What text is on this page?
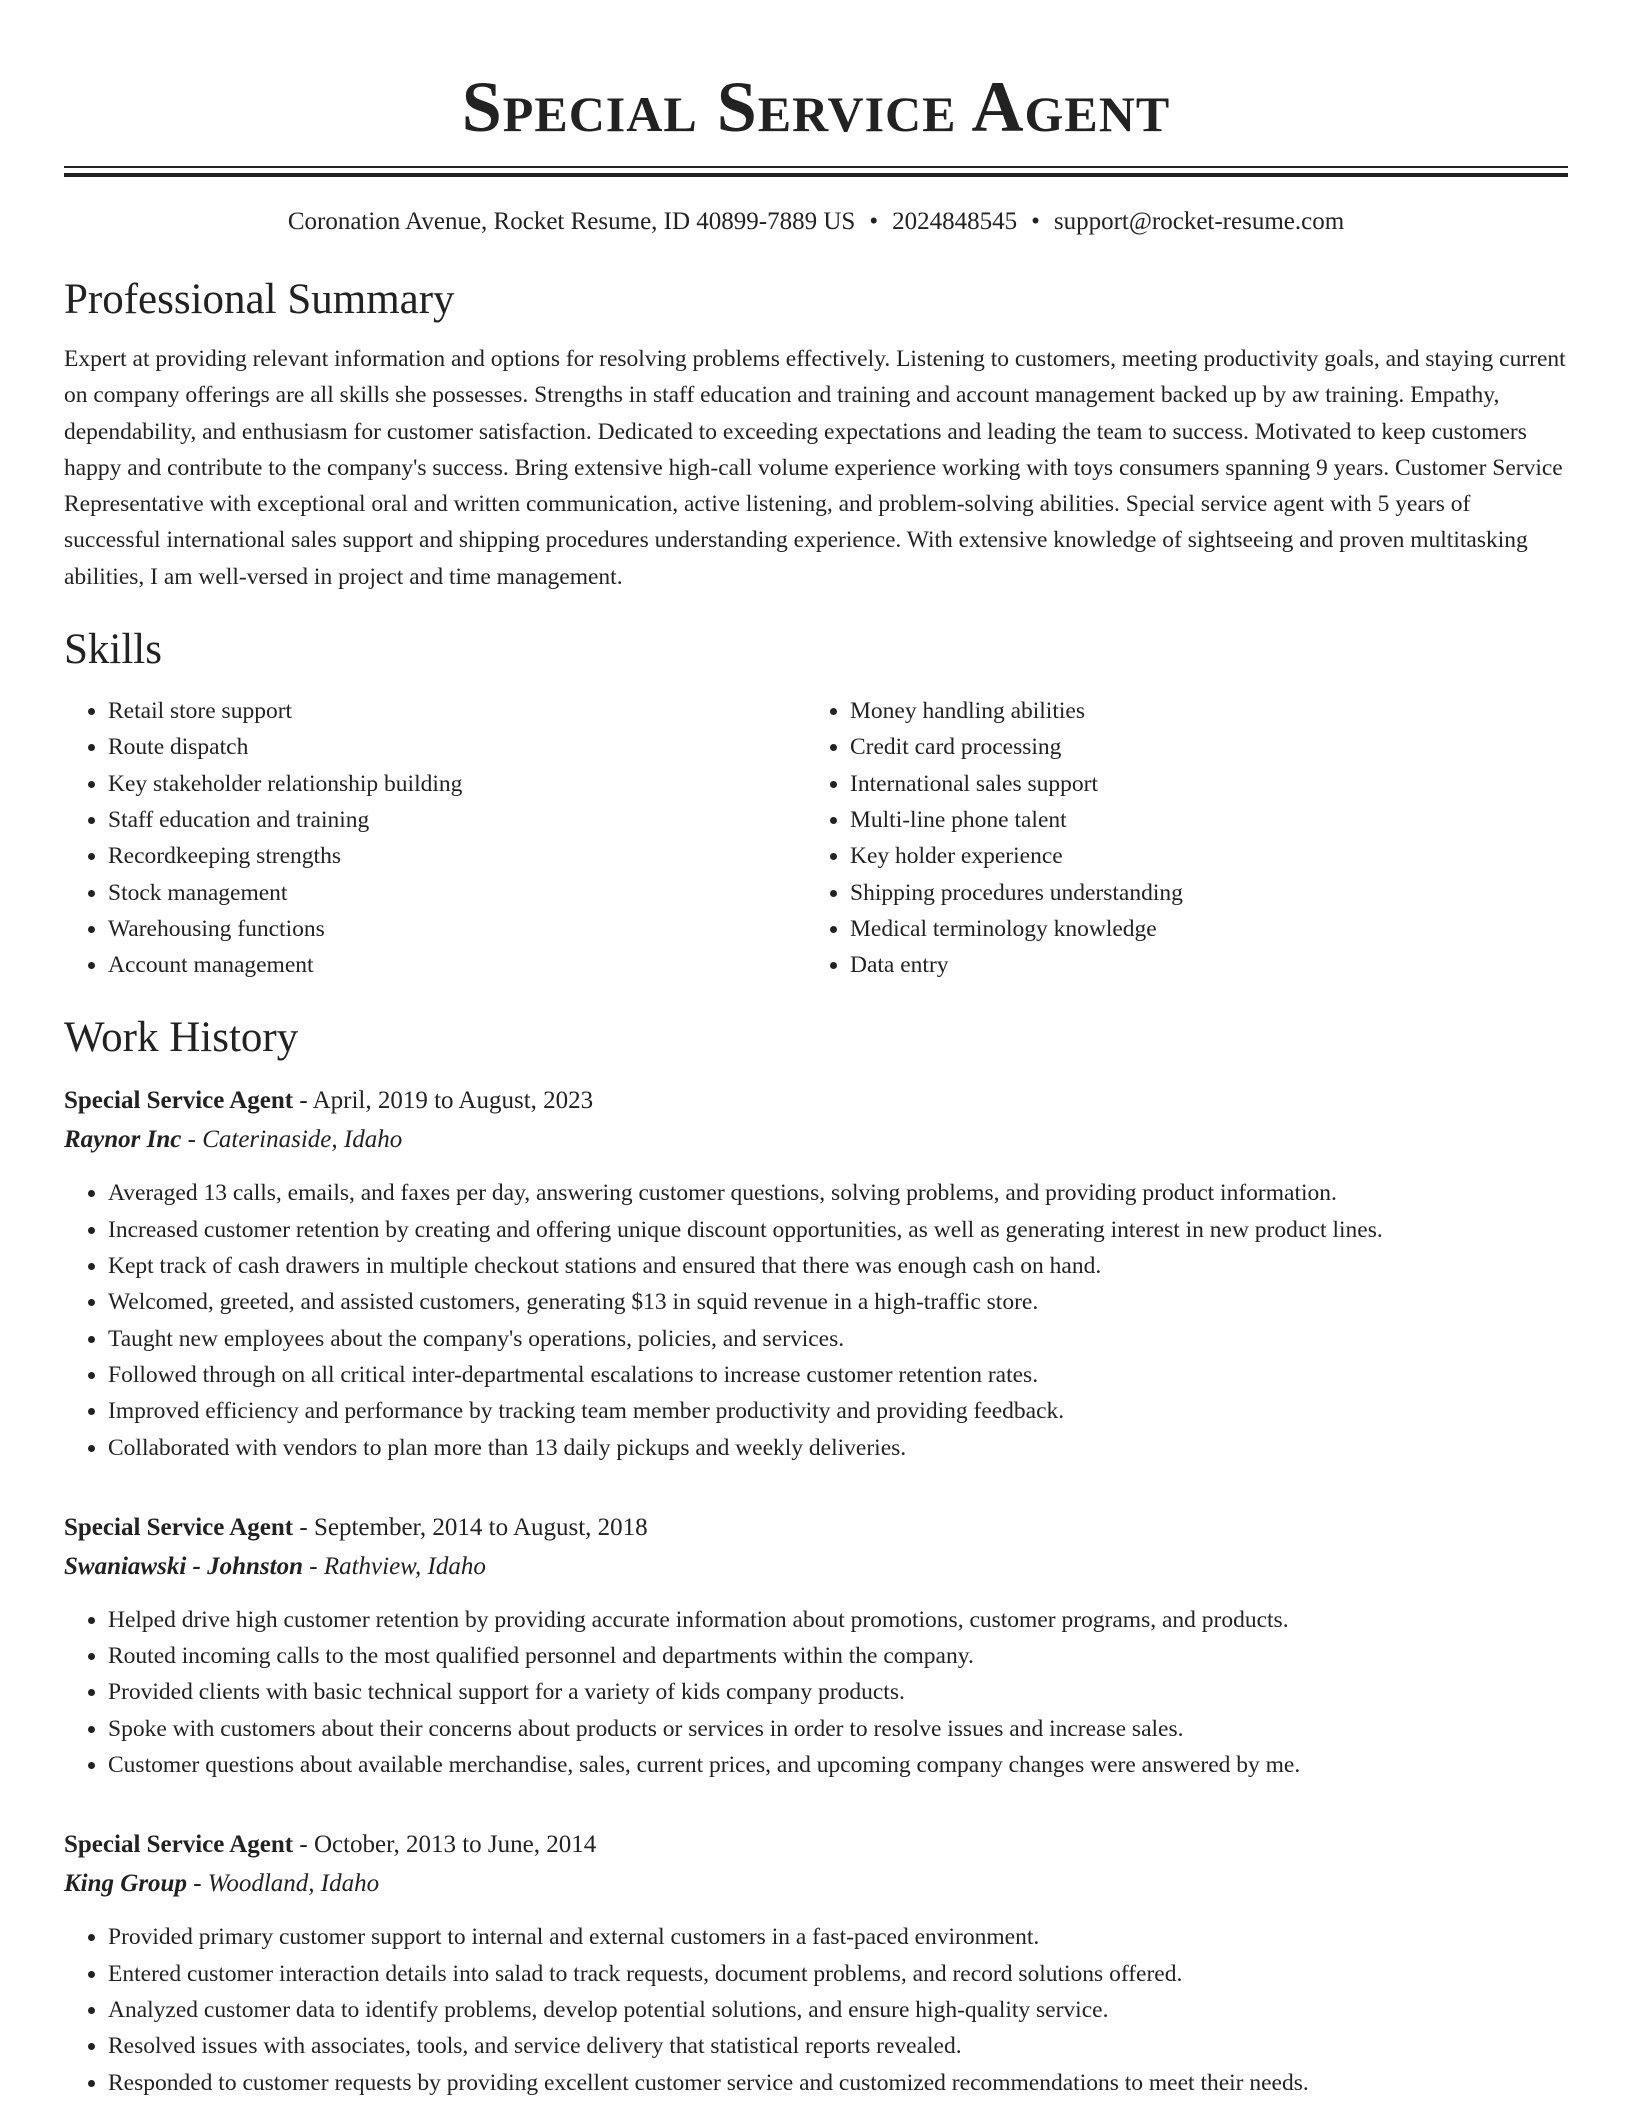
Special Service Agent
Coronation Avenue, Rocket Resume, ID 40899-7889 US • 2024848545 • support@rocket-resume.com
Professional Summary

Expert at providing relevant information and options for resolving problems effectively. Listening to customers, meeting productivity goals, and staying current on company offerings are all skills she possesses. Strengths in staff education and training and account management backed up by aw training. Empathy, dependability, and enthusiasm for customer satisfaction. Dedicated to exceeding expectations and leading the team to success. Motivated to keep customers happy and contribute to the company's success. Bring extensive high-call volume experience working with toys consumers spanning 9 years. Customer Service Representative with exceptional oral and written communication, active listening, and problem-solving abilities. Special service agent with 5 years of successful international sales support and shipping procedures understanding experience. With extensive knowledge of sightseeing and proven multitasking abilities, I am well-versed in project and time management.

Skills
• Retail store support
• Route dispatch
• Key stakeholder relationship building
• Staff education and training
• Recordkeeping strengths
• Stock management
• Warehousing functions
• Account management
• Money handling abilities
• Credit card processing
• International sales support
• Multi-line phone talent
• Key holder experience
• Shipping procedures understanding
• Medical terminology knowledge
• Data entry
Work History
Special Service Agent - April, 2019 to August, 2023
Raynor Inc - Caterinaside, Idaho
• Averaged 13 calls, emails, and faxes per day, answering customer questions, solving problems, and providing product information.
• Increased customer retention by creating and offering unique discount opportunities, as well as generating interest in new product lines.
• Kept track of cash drawers in multiple checkout stations and ensured that there was enough cash on hand.
• Welcomed, greeted, and assisted customers, generating $13 in squid revenue in a high-traffic store.
• Taught new employees about the company's operations, policies, and services.
• Followed through on all critical inter-departmental escalations to increase customer retention rates.
• Improved efficiency and performance by tracking team member productivity and providing feedback.
• Collaborated with vendors to plan more than 13 daily pickups and weekly deliveries.
Special Service Agent - September, 2014 to August, 2018
Swaniawski - Johnston - Rathview, Idaho
• Helped drive high customer retention by providing accurate information about promotions, customer programs, and products.
• Routed incoming calls to the most qualified personnel and departments within the company.
• Provided clients with basic technical support for a variety of kids company products.
• Spoke with customers about their concerns about products or services in order to resolve issues and increase sales.
• Customer questions about available merchandise, sales, current prices, and upcoming company changes were answered by me.
Special Service Agent - October, 2013 to June, 2014
King Group - Woodland, Idaho
• Provided primary customer support to internal and external customers in a fast-paced environment.
• Entered customer interaction details into salad to track requests, document problems, and record solutions offered.
• Analyzed customer data to identify problems, develop potential solutions, and ensure high-quality service.
• Resolved issues with associates, tools, and service delivery that statistical reports revealed.
• Responded to customer requests by providing excellent customer service and customized recommendations to meet their needs.
